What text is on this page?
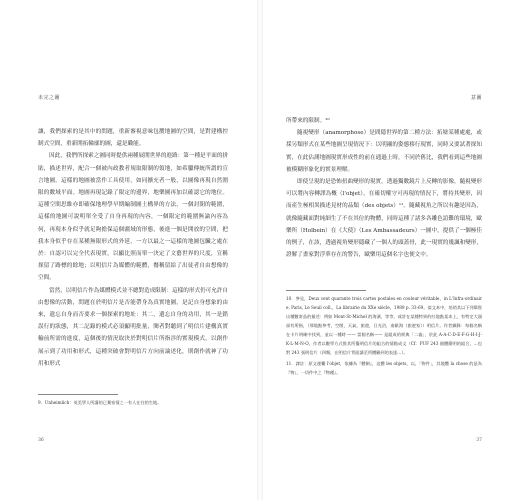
未完之圖

讓，我們探索的是其中的問題，重新審視意味包攬地圖的空間，是對建構控制式空間，重新開拓輪廓的圖，還是職能。

因此，我們所探索之圖同時提供兩種展開世界的進路：第一種是平面的拼貼，描述世界，配合一個被內政教者規取限制的領地，如希臘傳統所謂的宣言地圖。這樣的地圖被當作工具使用，如同擴充者一般，以圖像再現自然圍限的數域平面。地圖再現記錄了限定的邊界，地樂圖再加以確認它的地位。這種空間思維亦即確保地理學早期編制圖土構界的方法，一個封閉的範圍，這樣的地圖可說明單全受了自身再現的內容，一個限定的範圍無論內容為何，再現本身似乎就足夠擔保這個疆域的形態，後進一個是開放的空間，把我本身似乎存在某種無限形式的外延，一方以最之一這樣的地圖包臟之處在於：自認可以完全代表現實，以顯比照而單一決定了文藝世界的尺度，宣稱探留了路標的餘地；以明信片為媒體的範體，餐稱留給了出徒者自由想像的空間。

當然，以明信片作為媒體模式並不總對造成限制：這樣的形式仍可允許自由想像的活動，問題在於明信片是否能帶身為真實地圖，是記自身想象的由來，遺忘自身而否要求一個探索的地址：其二，遺忘自身的功用，其一是錯誤行的狀態，其二記錄的模式必須顯明批量，閱者對聽到了明信片建構真實輸前所需的進度，這個後的情況取決於對明信片所指涉的實現模式，以創作展示到了功用和形式，這種突破會對明信片方向前論述化，則創作就神了功用和形式

9．Unheimlich：英美學人所講的已棄家情之一有人在往的生地。

36
意圖

所帶來的限制。¹⁰

隨視變形（anamorphose）是間隱世界的第二種方法：拓墟某種處處，或採另類形式在某些地圖呈現情況下：以明襯的姿態移行現實，同時又要試著探知實，在此佔測地圖現實形成性的前在通過上時，不同於舊比，我們看到這些地圖被模糊形象化的實景理解。

即使呈現的是恐怖扭曲變形的現實，透過獨數鏡片上反轉的影像，隨視變形可以將內容轉譯為概（l'objet），在確切權守可再現的情況下，將持其變形，因而產生極相異描述見材的品類（des objets）¹¹。隨藏視角之所以有趣是因為，就像隨藏面對純細生了不在其位的物體，同時這種了諸多各雕色誼難的環境，歐樂所（Holbein）在《大使》（Les Ambassadeurs）一圖中，提供了一個極佳的例子，在該，透過視角變形隱藏了一個人的頭蓋骨，此一現實的幾諷和變形，證解了畫家對浮華存在的警告，歐樂用這個名字也便文中。

10．參見，Deux cent quarante trois cartes postales en couleur véritable，in L'Infra-ordinaire, Paris, Le Seuil coll.，La librairie du XXe siècle，1989 p. 33-69。似文本中，培俏其以下列舉寫出種數寄品的描述：例如 Mont-St-Michel 的海濱，等等，或許在某種特異的紅地點某本上，有特定大頭部有所指，（那地點參考，空閒，天氣，旅遊，日光浴，南歐海（旅遊家））明信片。作者擷錄：每個名稱在卡片明確中找到，並以一種時 —— 當個名稱—— 是組成的經典「二義」，於此 A-A-C-D-E-F-G-H-I-J-K-L-M-N-O，作者以數學方式推其所擬明信片的組合的情點成文（Cf：PUF 243 個體簡明的組合，...也對 243 張明信片（四類，在明信片背面讀至所體顧到的表達…）。

11．譯註：原文運繫 l'objet，依據為『體制』，這體 les objets，以，「物件」，其地體 la chose 的是為『物』，一切件中之『物種』。

37
